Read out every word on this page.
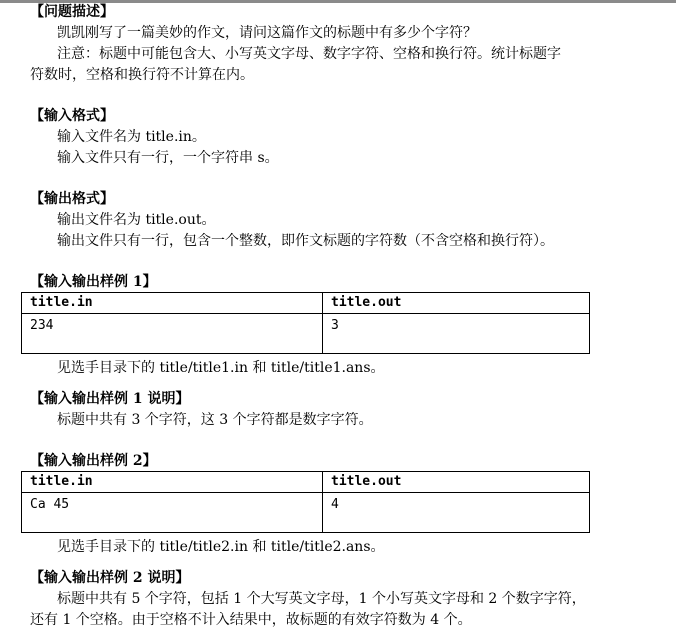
【问题描述】
凯凯刚写了一篇美妙的作文，请问这篇作文的标题中有多少个字符？
注意：标题中可能包含大、小写英文字母、数字字符、空格和换行符。统计标题字
符数时，空格和换行符不计算在内。
【输入格式】
输入文件名为 title.in。
输入文件只有一行，一个字符串 s。
【输出格式】
输出文件名为 title.out。
输出文件只有一行，包含一个整数，即作文标题的字符数（不含空格和换行符）。
【输入输出样例 1】
title.in	title.out
234	3
见选手目录下的 title/title1.in 和 title/title1.ans。
【输入输出样例 1 说明】
标题中共有 3 个字符，这 3 个字符都是数字字符。
【输入输出样例 2】
title.in	title.out
Ca 45	4
见选手目录下的 title/title2.in 和 title/title2.ans。
【输入输出样例 2 说明】
标题中共有 5 个字符，包括 1 个大写英文字母，1 个小写英文字母和 2 个数字字符，
还有 1 个空格。由于空格不计入结果中，故标题的有效字符数为 4 个。
